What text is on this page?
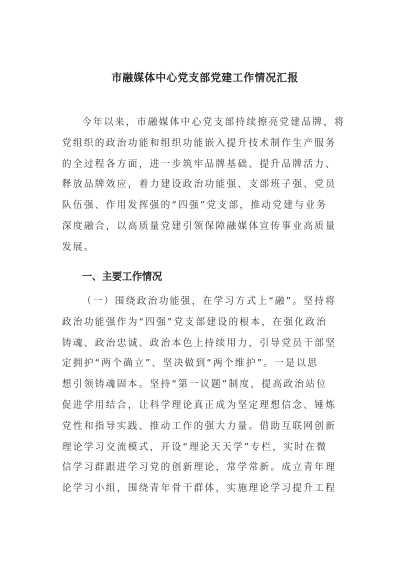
市融媒体中心党支部党建工作情况汇报
今年以来，市融媒体中心党支部持续擦亮党建品牌，将
党组织的政治功能和组织功能嵌入提升技术制作生产服务
的全过程各方面，进一步筑牢品牌基础、提升品牌活力、
释放品牌效应，着力建设政治功能强、支部班子强、党员
队伍强、作用发挥强的“四强”党支部，推动党建与业务
深度融合，以高质量党建引领保障融媒体宣传事业高质量
发展。
一、主要工作情况
（一）围绕政治功能强，在学习方式上“融”。坚持将
政治功能强作为“四强”党支部建设的根本，在强化政治
铸魂、政治忠诚、政治本色上持续用力，引导党员干部坚
定拥护“两个确立”、坚决做到“两个维护”。一是以思
想引领铸魂固本。坚持“第一议题”制度，提高政治站位
促进学用结合，让科学理论真正成为坚定理想信念、锤炼
党性和指导实践、推动工作的强大力量。借助互联网创新
理论学习交流模式，开设“理论天天学”专栏，实时在微
信学习群跟进学习党的创新理论，常学常新。成立青年理
论学习小组，围绕青年骨干群体，实施理论学习提升工程
